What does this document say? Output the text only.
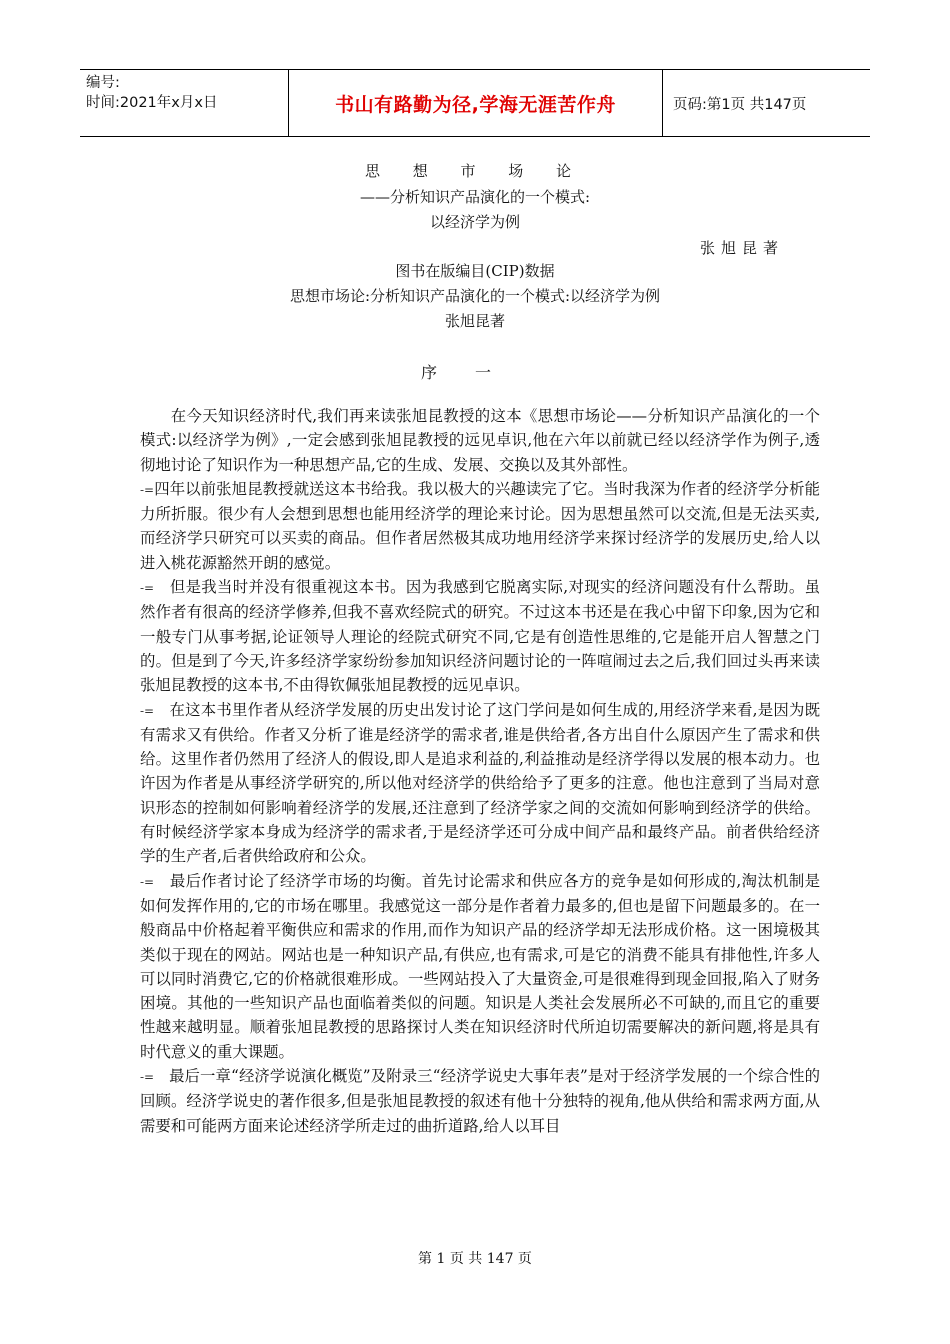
编号:
时间:2021年x月x日	书山有路勤为径,学海无涯苦作舟	页码:第1页 共147页
思 想 市 场 论
——分析知识产品演化的一个模式:
以经济学为例
张旭昆著
图书在版编目(CIP)数据
思想市场论:分析知识产品演化的一个模式:以经济学为例
张旭昆著
序一

在今天知识经济时代,我们再来读张旭昆教授的这本《思想市场论——分析知识产品演化的一个模式:以经济学为例》,一定会感到张旭昆教授的远见卓识,他在六年以前就已经以经济学作为例子,透彻地讨论了知识作为一种思想产品,它的生成、发展、交换以及其外部性。

-=四年以前张旭昆教授就送这本书给我。我以极大的兴趣读完了它。当时我深为作者的经济学分析能力所折服。很少有人会想到思想也能用经济学的理论来讨论。因为思想虽然可以交流,但是无法买卖,而经济学只研究可以买卖的商品。但作者居然极其成功地用经济学来探讨经济学的发展历史,给人以进入桃花源豁然开朗的感觉。

-= 但是我当时并没有很重视这本书。因为我感到它脱离实际,对现实的经济问题没有什么帮助。虽然作者有很高的经济学修养,但我不喜欢经院式的研究。不过这本书还是在我心中留下印象,因为它和一般专门从事考据,论证领导人理论的经院式研究不同,它是有创造性思维的,它是能开启人智慧之门的。但是到了今天,许多经济学家纷纷参加知识经济问题讨论的一阵喧闹过去之后,我们回过头再来读张旭昆教授的这本书,不由得钦佩张旭昆教授的远见卓识。

-= 在这本书里作者从经济学发展的历史出发讨论了这门学问是如何生成的,用经济学来看,是因为既有需求又有供给。作者又分析了谁是经济学的需求者,谁是供给者,各方出自什么原因产生了需求和供给。这里作者仍然用了经济人的假设,即人是追求利益的,利益推动是经济学得以发展的根本动力。也许因为作者是从事经济学研究的,所以他对经济学的供给给予了更多的注意。他也注意到了当局对意识形态的控制如何影响着经济学的发展,还注意到了经济学家之间的交流如何影响到经济学的供给。有时候经济学家本身成为经济学的需求者,于是经济学还可分成中间产品和最终产品。前者供给经济学的生产者,后者供给政府和公众。

-= 最后作者讨论了经济学市场的均衡。首先讨论需求和供应各方的竞争是如何形成的,淘汰机制是如何发挥作用的,它的市场在哪里。我感觉这一部分是作者着力最多的,但也是留下问题最多的。在一般商品中价格起着平衡供应和需求的作用,而作为知识产品的经济学却无法形成价格。这一困境极其类似于现在的网站。网站也是一种知识产品,有供应,也有需求,可是它的消费不能具有排他性,许多人可以同时消费它,它的价格就很难形成。一些网站投入了大量资金,可是很难得到现金回报,陷入了财务困境。其他的一些知识产品也面临着类似的问题。知识是人类社会发展所必不可缺的,而且它的重要性越来越明显。顺着张旭昆教授的思路探讨人类在知识经济时代所迫切需要解决的新问题,将是具有时代意义的重大课题。

-= 最后一章“经济学说演化概览”及附录三“经济学说史大事年表”是对于经济学发展的一个综合性的回顾。经济学说史的著作很多,但是张旭昆教授的叙述有他十分独特的视角,他从供给和需求两方面,从需要和可能两方面来论述经济学所走过的曲折道路,给人以耳目

第 1 页 共 147 页
